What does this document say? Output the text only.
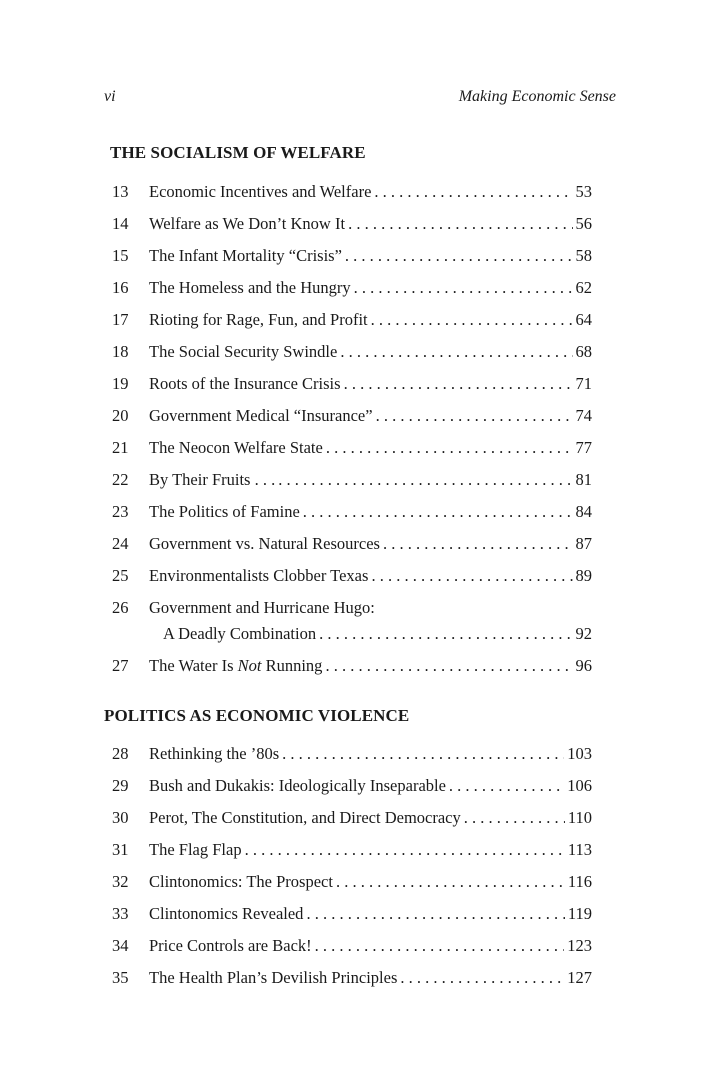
vi	Making Economic Sense
THE SOCIALISM OF WELFARE
13	Economic Incentives and Welfare . . .	53
14	Welfare as We Don’t Know It . . .	56
15	The Infant Mortality “Crisis” . . .	58
16	The Homeless and the Hungry . . .	62
17	Rioting for Rage, Fun, and Profit . . .	64
18	The Social Security Swindle . . .	68
19	Roots of the Insurance Crisis . . .	71
20	Government Medical “Insurance” . . .	74
21	The Neocon Welfare State . . .	77
22	By Their Fruits . . . . . .	81
23	The Politics of Famine . . .	84
24	Government vs. Natural Resources . . .	87
25	Environmentalists Clobber Texas . . .	89
26	Government and Hurricane Hugo:
A Deadly Combination . . .	92
27	The Water Is Not Running . . .	96
POLITICS AS ECONOMIC VIOLENCE
28	Rethinking the ’80s . . .	103
29	Bush and Dukakis: Ideologically Inseparable . . .	106
30	Perot, The Constitution, and Direct Democracy . . .	110
31	The Flag Flap . . .	113
32	Clintonomics: The Prospect . . .	116
33	Clintonomics Revealed . . .	119
34	Price Controls are Back! . . .	123
35	The Health Plan’s Devilish Principles . . .	127
